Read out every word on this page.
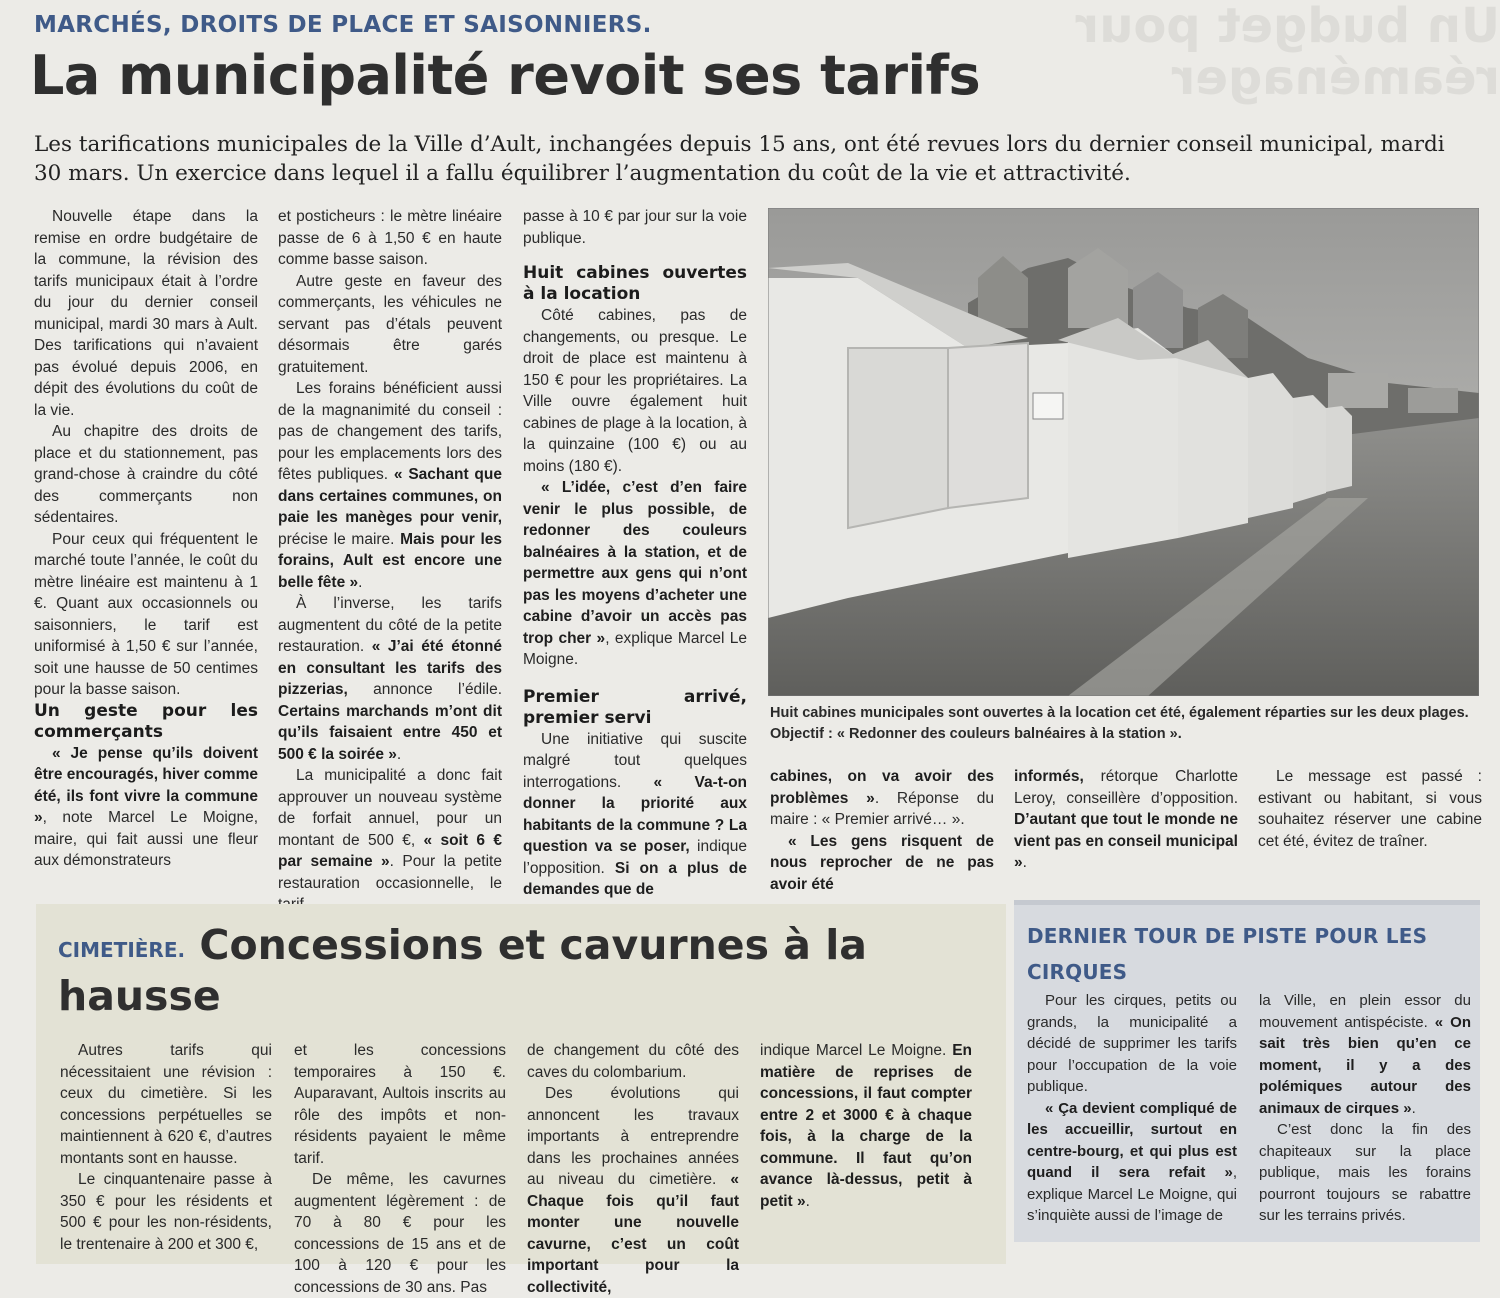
Un budget pour réaménager
MARCHÉS, DROITS DE PLACE ET SAISONNIERS.
La municipalité revoit ses tarifs
Les tarifications municipales de la Ville d’Ault, inchangées depuis 15 ans, ont été revues lors du dernier conseil municipal, mardi 30 mars. Un exercice dans lequel il a fallu équilibrer l’augmentation du coût de la vie et attractivité.

Nouvelle étape dans la remise en ordre budgétaire de la commune, la révision des tarifs municipaux était à l’ordre du jour du dernier conseil municipal, mardi 30 mars à Ault. Des tarifications qui n’avaient pas évolué depuis 2006, en dépit des évolutions du coût de la vie.

Au chapitre des droits de place et du stationnement, pas grand-chose à craindre du côté des commerçants non sédentaires.

Pour ceux qui fréquentent le marché toute l’année, le coût du mètre linéaire est maintenu à 1 €. Quant aux occasionnels ou saisonniers, le tarif est uniformisé à 1,50 € sur l’année, soit une hausse de 50 centimes pour la basse saison.

Un geste pour les commerçants

« Je pense qu’ils doivent être encouragés, hiver comme été, ils font vivre la commune », note Marcel Le Moigne, maire, qui fait aussi une fleur aux démonstrateurs

et posticheurs : le mètre linéaire passe de 6 à 1,50 € en haute comme basse saison.

Autre geste en faveur des commerçants, les véhicules ne servant pas d’étals peuvent désormais être garés gratuitement.

Les forains bénéficient aussi de la magnanimité du conseil : pas de changement des tarifs, pour les emplacements lors des fêtes publiques. « Sachant que dans certaines communes, on paie les manèges pour venir, précise le maire. Mais pour les forains, Ault est encore une belle fête ».

À l’inverse, les tarifs augmentent du côté de la petite restauration. « J’ai été étonné en consultant les tarifs des pizzerias, annonce l’édile. Certains marchands m’ont dit qu’ils faisaient entre 450 et 500 € la soirée ».

La municipalité a donc fait approuver un nouveau système de forfait annuel, pour un montant de 500 €, « soit 6 € par semaine ». Pour la petite restauration occasionnelle, le

passe à 10 € par jour sur la voie publique.

Huit cabines ouvertes à la location

Côté cabines, pas de changements, ou presque. Le droit de place est maintenu à 150 € pour les propriétaires. La Ville ouvre également huit cabines de plage à la location, à la quinzaine (100 €) ou au moins (180 €).

« L’idée, c’est d’en faire venir le plus possible, de redonner des couleurs balnéaires à la station, et de permettre aux gens qui n’ont pas les moyens d’acheter une cabine d’avoir un accès pas trop cher », explique Marcel Le Moigne.

Premier arrivé, premier servi

Une initiative qui suscite malgré tout quelques interrogations. « Va-t-on donner la priorité aux habitants de la commune ? La question va se poser, indique l’opposition. Si on a plus de demandes que de

Huit cabines municipales sont ouvertes à la location cet été, également réparties sur les deux plages. Objectif : « Redonner des couleurs balnéaires à la station ».

cabines, on va avoir des problèmes ». Réponse du maire : « Premier arrivé… ».

« Les gens risquent de nous reprocher de ne pas avoir été

informés, rétorque Charlotte Leroy, conseillère d’opposition. D’autant que tout le monde ne vient pas en conseil municipal ».

Le message est passé : estivant ou habitant, si vous souhaitez réserver une cabine cet été, évitez de traîner.

CIMETIÈRE. Concessions et cavurnes à la hausse

Autres tarifs qui nécessitaient une révision : ceux du cimetière. Si les concessions perpétuelles se maintiennent à 620 €, d’autres montants sont en hausse.

Le cinquantenaire passe à 350 € pour les résidents et 500 € pour les non-résidents, le trentenaire à 200 et 300 €,

et les concessions temporaires à 150 €. Auparavant, Aultois inscrits au rôle des impôts et non-résidents payaient le même tarif.

De même, les cavurnes augmentent légèrement : de 70 à 80 € pour les concessions de 15 ans et de 100 à 120 € pour les concessions de 30 ans. Pas

de changement du côté des caves du colombarium.

Des évolutions qui annoncent les travaux importants à entreprendre dans les prochaines années au niveau du cimetière. « Chaque fois qu’il faut monter une nouvelle cavurne, c’est un coût important pour la collectivité,

indique Marcel Le Moigne. En matière de reprises de concessions, il faut compter entre 2 et 3000 € à chaque fois, à la charge de la commune. Il faut qu’on avance là-dessus, petit à petit ».

DERNIER TOUR DE PISTE POUR LES CIRQUES

Pour les cirques, petits ou grands, la municipalité a décidé de supprimer les tarifs pour l’occupation de la voie publique.

« Ça devient compliqué de les accueillir, surtout en centre-bourg, et qui plus est quand il sera refait », explique Marcel Le Moigne, qui s’inquiète aussi de l’image de

la Ville, en plein essor du mouvement antispéciste. « On sait très bien qu’en ce moment, il y a des polémiques autour des animaux de cirques ».

C’est donc la fin des chapiteaux sur la place publique, mais les forains pourront toujours se rabattre sur les terrains privés.
